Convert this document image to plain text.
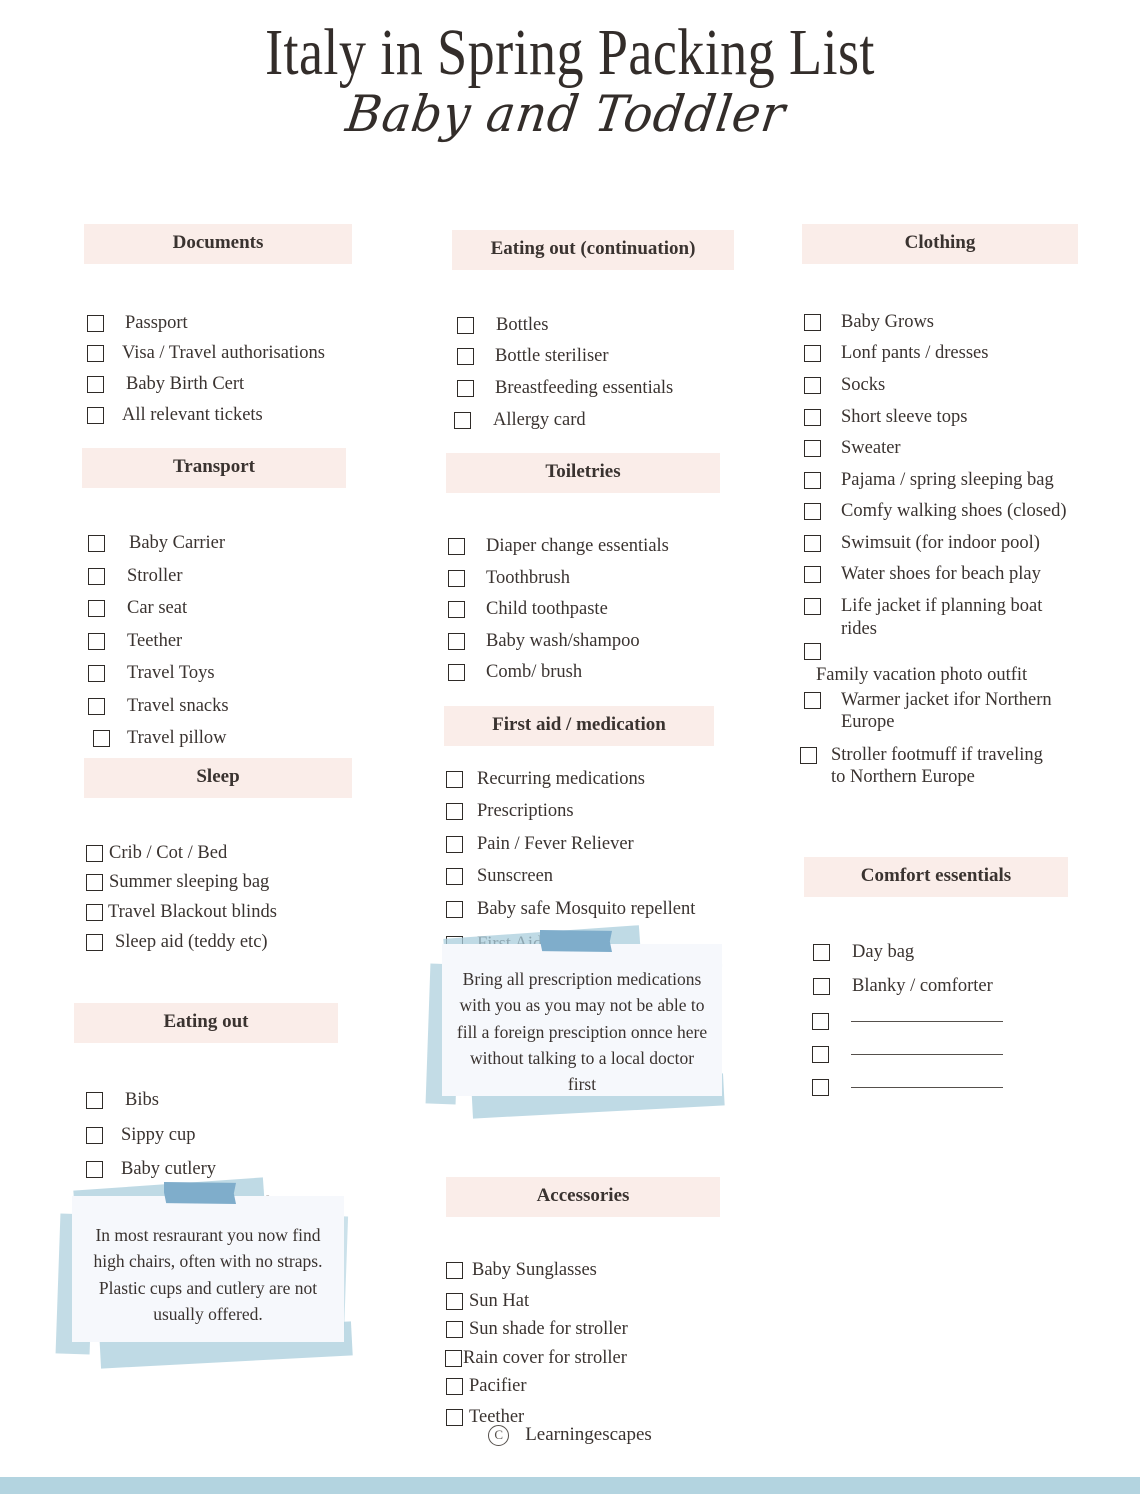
Italy in Spring Packing List
Baby and Toddler
Documents
Passport
Visa / Travel authorisations
Baby Birth Cert
All relevant tickets
Transport
Baby Carrier
Stroller
Car seat
Teether
Travel Toys
Travel snacks
Travel pillow
Sleep
Crib / Cot / Bed
Summer sleeping bag
Travel Blackout blinds
Sleep aid (teddy etc)
Eating out
Bibs
Sippy cup
Baby cutlery
Eating out (continuation)
Bottles
Bottle steriliser
Breastfeeding essentials
Allergy card
Toiletries
Diaper change essentials
Toothbrush
Child toothpaste
Baby wash/shampoo
Comb/ brush
First aid / medication
Recurring medications
Prescriptions
Pain / Fever Reliever
Sunscreen
Baby safe Mosquito repellent
Accessories
Baby Sunglasses
Sun Hat
Sun shade for stroller
Rain cover for stroller
Pacifier
Teether
Clothing
Baby Grows
Lonf pants / dresses
Socks
Short sleeve tops
Sweater
Pajama / spring sleeping bag
Comfy walking shoes (closed)
Swimsuit (for indoor pool)
Water shoes for beach play
Life jacket if planning boat rides
Family vacation photo outfit
Warmer jacket ifor Northern Europe
Stroller footmuff if traveling to Northern Europe
Comfort essentials
Day bag
Blanky / comforter
In most resraurant you now find high chairs, often with no straps. Plastic cups and cutlery are not usually offered.
Bring all prescription medications with you as you may not be able to fill a foreign presciption onnce here without talking to a local doctor first
C	Learningescapes
